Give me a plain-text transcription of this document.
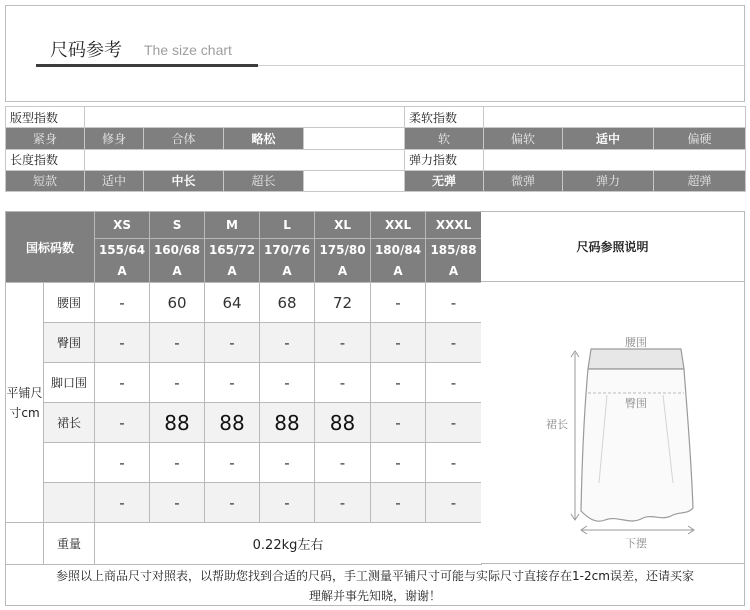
尺码参考 The size chart
版型指数					柔软指数			
紧身	修身	合体	略松		软	偏软	适中	偏硬
长度指数					弹力指数			
短款	适中	中长	超长		无弹	微弹	弹力	超弹
国标码数		XS	S	M	L	XL	XXL	XXXL
		155/64A	160/68A	165/72A	170/76A	175/80A	180/84A	185/88A
平铺尺寸cm	腰围	-	60	64	68	72	-	-
	臀围	-	-	-	-	-	-	-
	脚口围	-	-	-	-	-	-	-
	裙长	-	88	88	88	88	-	-
		-	-	-	-	-	-	-
		-	-	-	-	-	-	-
	重量	0.22kg左右						
尺码参照说明
腰围
臀围
裙长
下摆
参照以上商品尺寸对照表，以帮助您找到合适的尺码，手工测量平铺尺寸可能与实际尺寸直接存在1-2cm误差，还请买家
理解并事先知晓，谢谢！
